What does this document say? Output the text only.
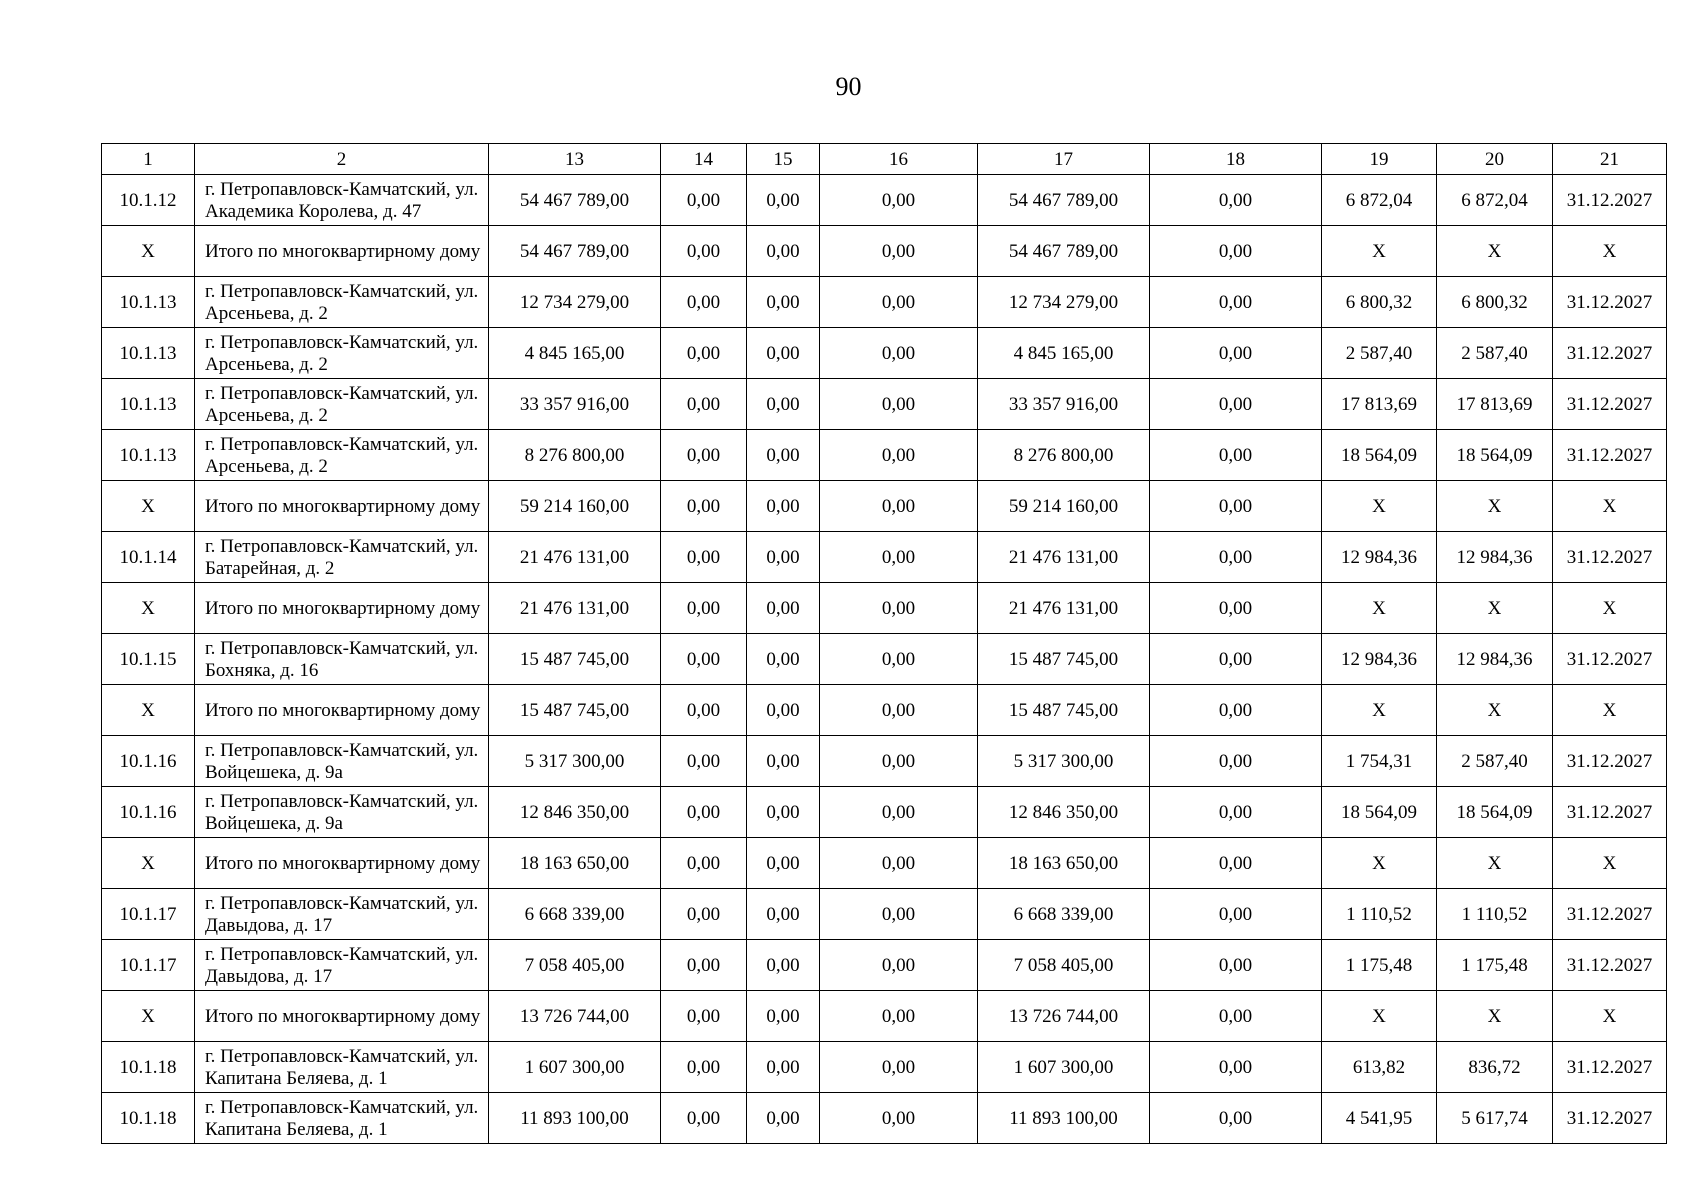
90
1	2	13	14	15	16	17	18	19	20	21
10.1.12	г. Петропавловск-Камчатский, ул. Академика Королева, д. 47	54 467 789,00	0,00	0,00	0,00	54 467 789,00	0,00	6 872,04	6 872,04	31.12.2027
X	Итого по многоквартирному дому	54 467 789,00	0,00	0,00	0,00	54 467 789,00	0,00	X	X	X
10.1.13	г. Петропавловск-Камчатский, ул. Арсеньева, д. 2	12 734 279,00	0,00	0,00	0,00	12 734 279,00	0,00	6 800,32	6 800,32	31.12.2027
10.1.13	г. Петропавловск-Камчатский, ул. Арсеньева, д. 2	4 845 165,00	0,00	0,00	0,00	4 845 165,00	0,00	2 587,40	2 587,40	31.12.2027
10.1.13	г. Петропавловск-Камчатский, ул. Арсеньева, д. 2	33 357 916,00	0,00	0,00	0,00	33 357 916,00	0,00	17 813,69	17 813,69	31.12.2027
10.1.13	г. Петропавловск-Камчатский, ул. Арсеньева, д. 2	8 276 800,00	0,00	0,00	0,00	8 276 800,00	0,00	18 564,09	18 564,09	31.12.2027
X	Итого по многоквартирному дому	59 214 160,00	0,00	0,00	0,00	59 214 160,00	0,00	X	X	X
10.1.14	г. Петропавловск-Камчатский, ул. Батарейная, д. 2	21 476 131,00	0,00	0,00	0,00	21 476 131,00	0,00	12 984,36	12 984,36	31.12.2027
X	Итого по многоквартирному дому	21 476 131,00	0,00	0,00	0,00	21 476 131,00	0,00	X	X	X
10.1.15	г. Петропавловск-Камчатский, ул. Бохняка, д. 16	15 487 745,00	0,00	0,00	0,00	15 487 745,00	0,00	12 984,36	12 984,36	31.12.2027
X	Итого по многоквартирному дому	15 487 745,00	0,00	0,00	0,00	15 487 745,00	0,00	X	X	X
10.1.16	г. Петропавловск-Камчатский, ул. Войцешека, д. 9а	5 317 300,00	0,00	0,00	0,00	5 317 300,00	0,00	1 754,31	2 587,40	31.12.2027
10.1.16	г. Петропавловск-Камчатский, ул. Войцешека, д. 9а	12 846 350,00	0,00	0,00	0,00	12 846 350,00	0,00	18 564,09	18 564,09	31.12.2027
X	Итого по многоквартирному дому	18 163 650,00	0,00	0,00	0,00	18 163 650,00	0,00	X	X	X
10.1.17	г. Петропавловск-Камчатский, ул. Давыдова, д. 17	6 668 339,00	0,00	0,00	0,00	6 668 339,00	0,00	1 110,52	1 110,52	31.12.2027
10.1.17	г. Петропавловск-Камчатский, ул. Давыдова, д. 17	7 058 405,00	0,00	0,00	0,00	7 058 405,00	0,00	1 175,48	1 175,48	31.12.2027
X	Итого по многоквартирному дому	13 726 744,00	0,00	0,00	0,00	13 726 744,00	0,00	X	X	X
10.1.18	г. Петропавловск-Камчатский, ул. Капитана Беляева, д. 1	1 607 300,00	0,00	0,00	0,00	1 607 300,00	0,00	613,82	836,72	31.12.2027
10.1.18	г. Петропавловск-Камчатский, ул. Капитана Беляева, д. 1	11 893 100,00	0,00	0,00	0,00	11 893 100,00	0,00	4 541,95	5 617,74	31.12.2027
